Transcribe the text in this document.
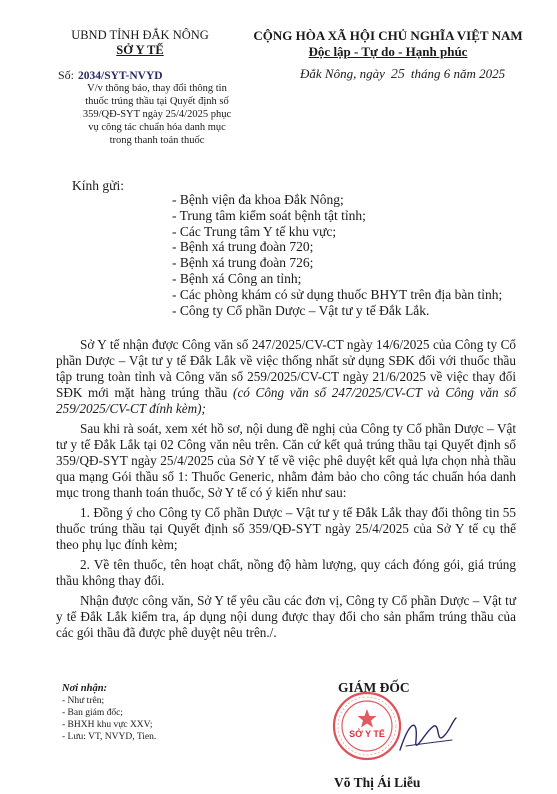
UBND TỈNH ĐẮK NÔNG
SỞ Y TẾ
CỘNG HÒA XÃ HỘI CHỦ NGHĨA VIỆT NAM
Độc lập - Tự do - Hạnh phúc
Số: 2034/SYT-NVYD	Đắk Nông, ngày 25 tháng 6 năm 2025
V/v thông báo, thay đổi thông tin
thuốc trúng thầu tại Quyết định số
359/QĐ-SYT ngày 25/4/2025 phục
vụ công tác chuẩn hóa danh mục
trong thanh toán thuốc
Kính gửi:
- Bệnh viện đa khoa Đắk Nông;
- Trung tâm kiểm soát bệnh tật tỉnh;
- Các Trung tâm Y tế khu vực;
- Bệnh xá trung đoàn 720;
- Bệnh xá trung đoàn 726;
- Bệnh xá Công an tỉnh;
- Các phòng khám có sử dụng thuốc BHYT trên địa bàn tỉnh;
- Công ty Cổ phần Dược – Vật tư y tế Đắk Lắk.

Sở Y tế nhận được Công văn số 247/2025/CV-CT ngày 14/6/2025 của Công ty Cổ phần Dược – Vật tư y tế Đắk Lắk về việc thống nhất sử dụng SĐK đối với thuốc thầu tập trung toàn tỉnh và Công văn số 259/2025/CV-CT ngày 21/6/2025 về việc thay đổi SĐK mới mặt hàng trúng thầu (có Công văn số 247/2025/CV-CT và Công văn số 259/2025/CV-CT đính kèm);

Sau khi rà soát, xem xét hồ sơ, nội dung đề nghị của Công ty Cổ phần Dược – Vật tư y tế Đắk Lắk tại 02 Công văn nêu trên. Căn cứ kết quả trúng thầu tại Quyết định số 359/QĐ-SYT ngày 25/4/2025 của Sở Y tế về việc phê duyệt kết quả lựa chọn nhà thầu qua mạng Gói thầu số 1: Thuốc Generic, nhằm đảm bảo cho công tác chuẩn hóa danh mục trong thanh toán thuốc, Sở Y tế có ý kiến như sau:

1. Đồng ý cho Công ty Cổ phần Dược – Vật tư y tế Đắk Lắk thay đổi thông tin 55 thuốc trúng thầu tại Quyết định số 359/QĐ-SYT ngày 25/4/2025 của Sở Y tế cụ thể theo phụ lục đính kèm;

2. Về tên thuốc, tên hoạt chất, nồng độ hàm lượng, quy cách đóng gói, giá trúng thầu không thay đổi.

Nhận được công văn, Sở Y tế yêu cầu các đơn vị, Công ty Cổ phần Dược – Vật tư y tế Đắk Lắk kiểm tra, áp dụng nội dung được thay đổi cho sản phẩm trúng thầu của các gói thầu đã được phê duyệt nêu trên./.

Nơi nhận:
- Như trên;
- Ban giám đốc;
- BHXH khu vực XXV;
- Lưu: VT, NVYD, Tien.
GIÁM ĐỐC
SỞ Y TẾ
Võ Thị Ái Liễu
